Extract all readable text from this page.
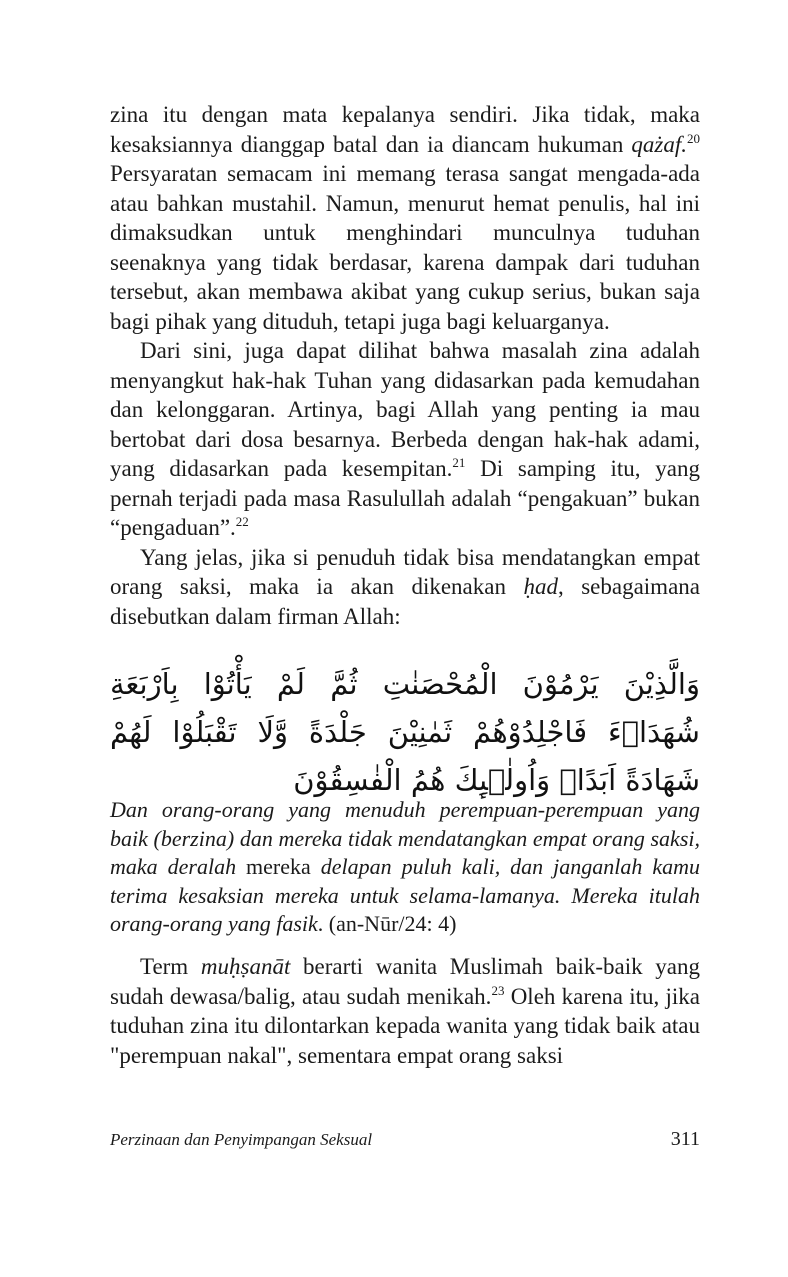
zina itu dengan mata kepalanya sendiri. Jika tidak, maka kesaksiannya dianggap batal dan ia diancam hukuman qażaf.$^{20}$ Persyaratan semacam ini memang terasa sangat mengada-ada atau bahkan mustahil. Namun, menurut hemat penulis, hal ini dimaksudkan untuk menghindari munculnya tuduhan seenaknya yang tidak berdasar, karena dampak dari tuduhan tersebut, akan membawa akibat yang cukup serius, bukan saja bagi pihak yang dituduh, tetapi juga bagi keluarganya.

Dari sini, juga dapat dilihat bahwa masalah zina adalah menyangkut hak-hak Tuhan yang didasarkan pada kemudahan dan kelonggaran. Artinya, bagi Allah yang penting ia mau bertobat dari dosa besarnya. Berbeda dengan hak-hak adami, yang didasarkan pada kesempitan.$^{21}$ Di samping itu, yang pernah terjadi pada masa Rasulullah adalah “pengakuan” bukan “pengaduan”.$^{22}$

Yang jelas, jika si penuduh tidak bisa mendatangkan empat orang saksi, maka ia akan dikenakan ḥad, sebagaimana disebutkan dalam firman Allah:

وَالَّذِيْنَ يَرْمُوْنَ الْمُحْصَنٰتِ ثُمَّ لَمْ يَأْتُوْا بِاَرْبَعَةِ شُهَدَاۤءَ فَاجْلِدُوْهُمْ ثَمٰنِيْنَ جَلْدَةً وَّلَا تَقْبَلُوْا لَهُمْ شَهَادَةً اَبَدًاۚ وَاُولٰۤىِٕكَ هُمُ الْفٰسِقُوْنَ
Dan orang-orang yang menuduh perempuan-perempuan yang baik (berzina) dan mereka tidak mendatangkan empat orang saksi, maka deralah mereka delapan puluh kali, dan janganlah kamu terima kesaksian mereka untuk selama-lamanya. Mereka itulah orang-orang yang fasik. (an-Nūr/24: 4)

Term muḥṣanāt berarti wanita Muslimah baik-baik yang sudah dewasa/balig, atau sudah menikah.$^{23}$ Oleh karena itu, jika tuduhan zina itu dilontarkan kepada wanita yang tidak baik atau "perempuan nakal", sementara empat orang saksi

Perzinaan dan Penyimpangan Seksual	311
